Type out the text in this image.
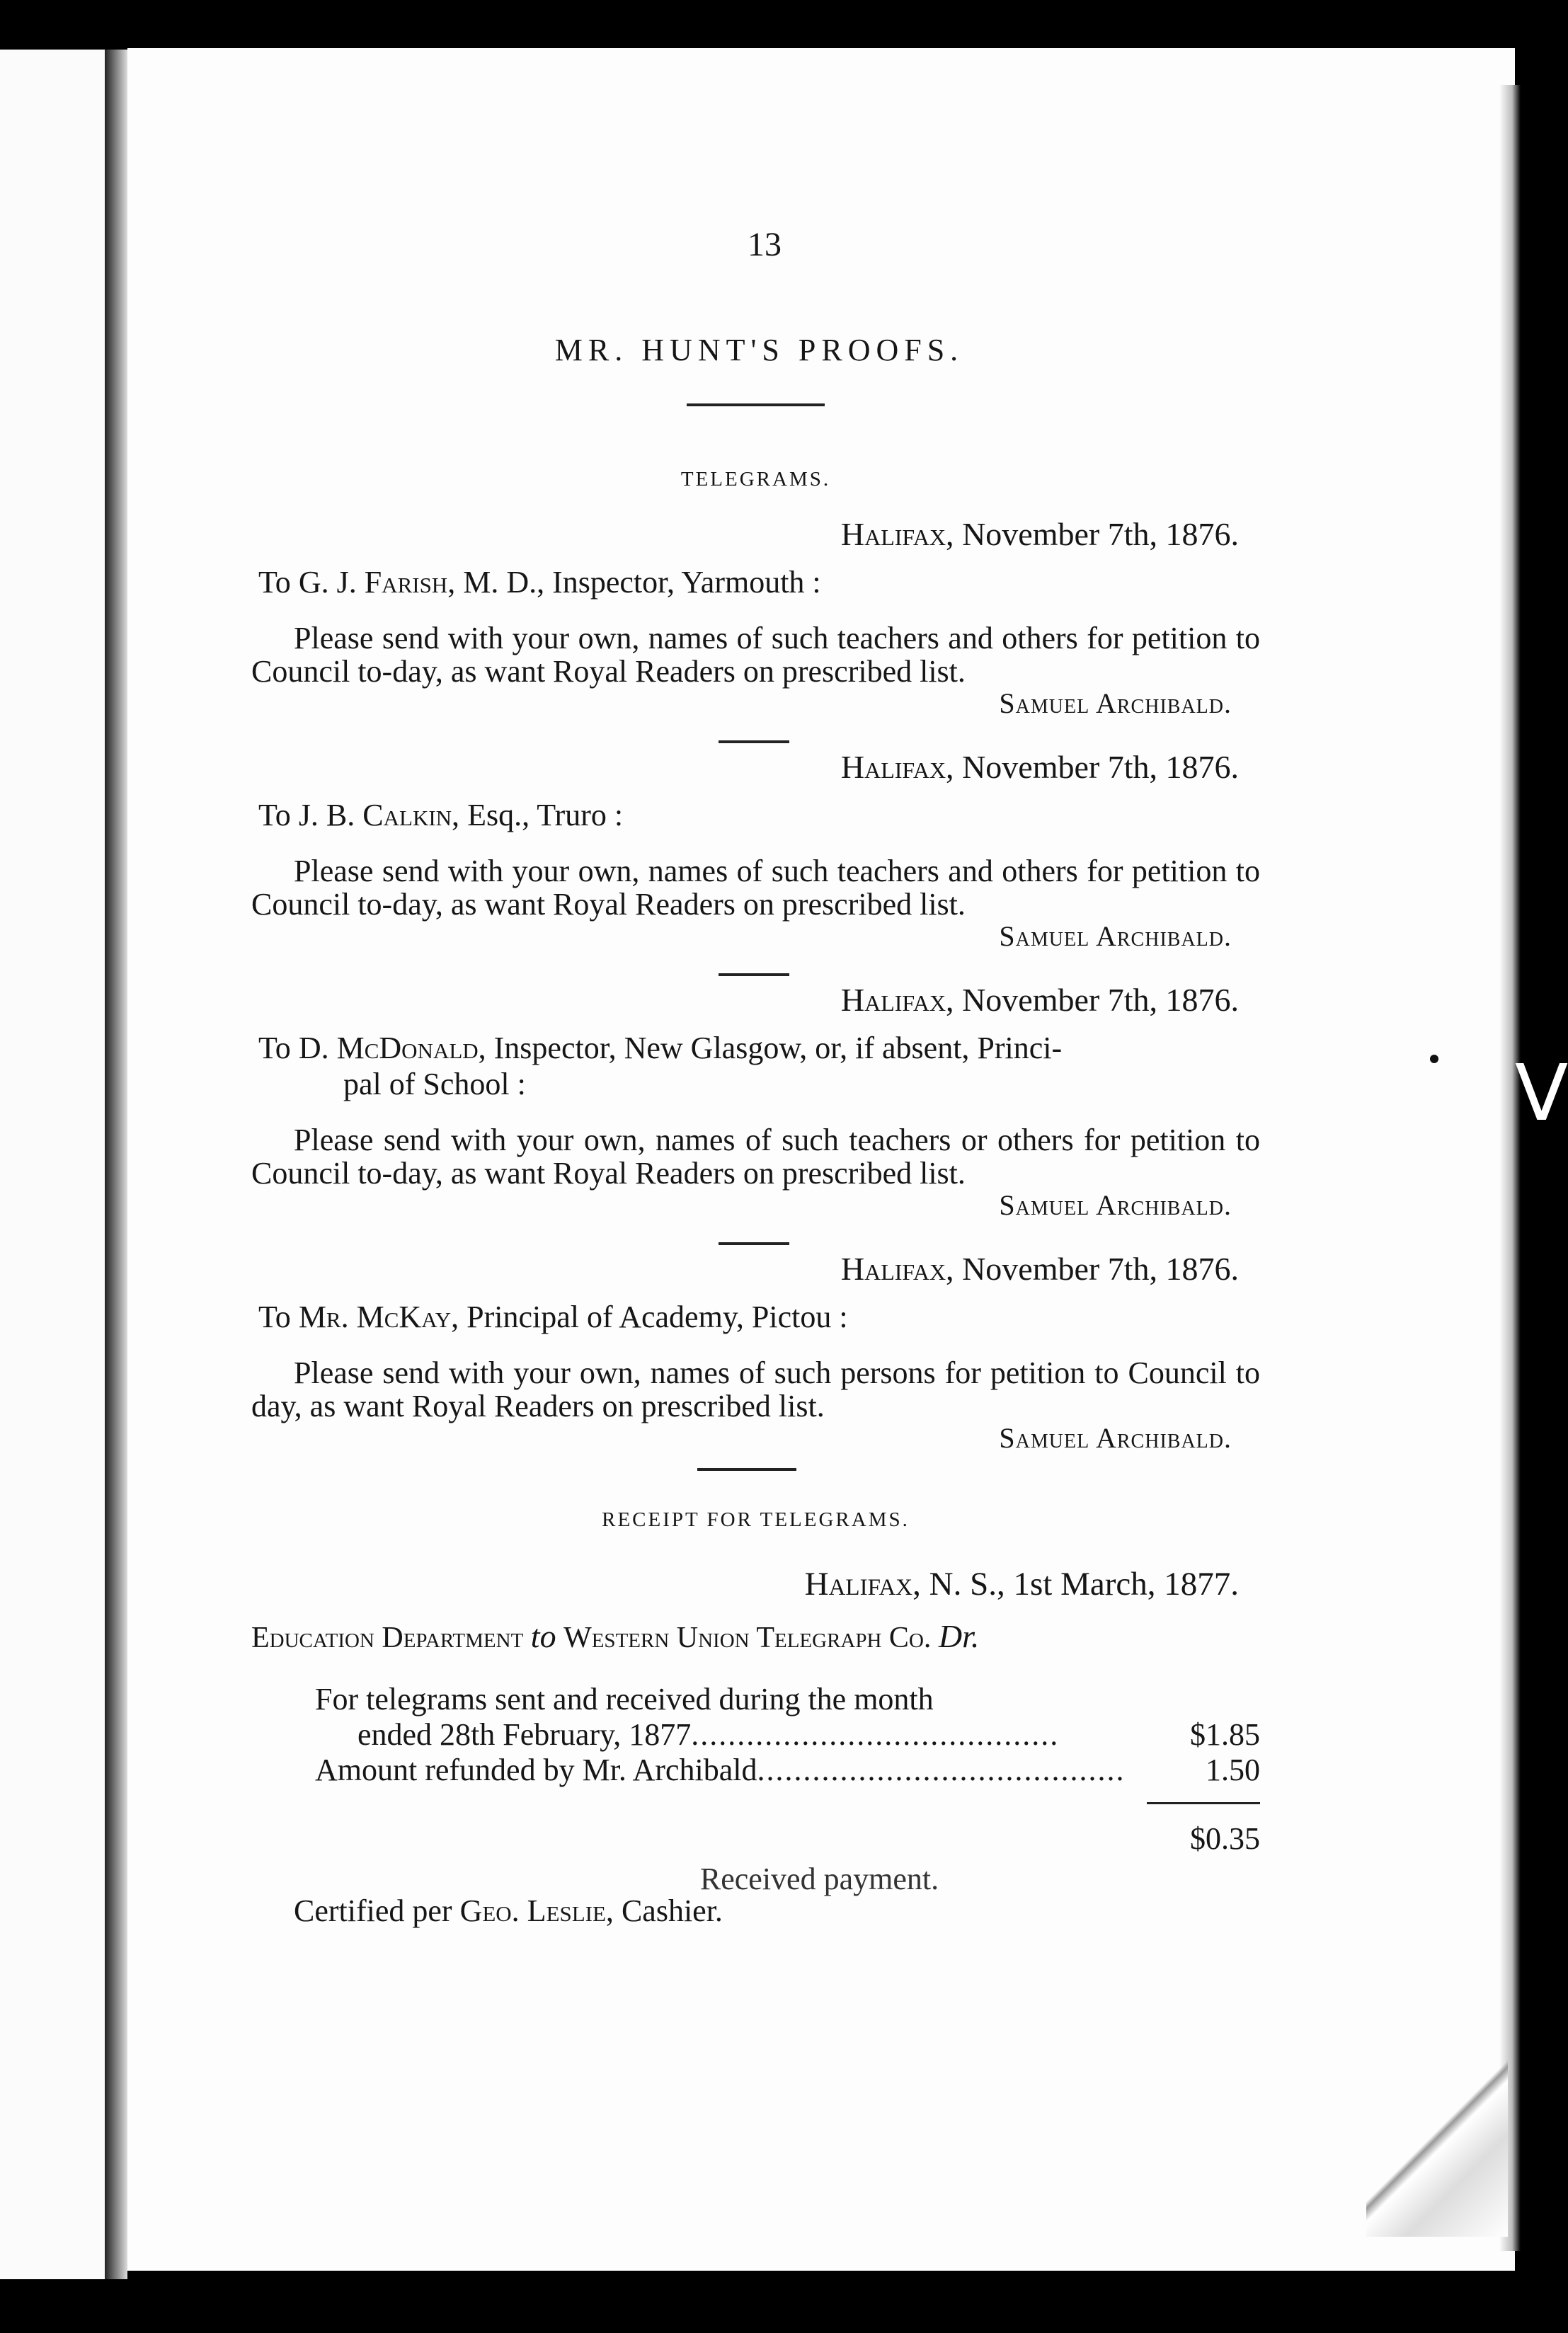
V
13
MR. HUNT'S PROOFS.
TELEGRAMS.
Halifax, November 7th, 1876.
To G. J. Farish, M. D., Inspector, Yarmouth :
Please send with your own, names of such teachers and others for petition to Council to-day, as want Royal Readers on prescribed list.
Samuel Archibald.
Halifax, November 7th, 1876.
To J. B. Calkin, Esq., Truro :
Please send with your own, names of such teachers and others for petition to Council to-day, as want Royal Readers on prescribed list.
Samuel Archibald.
Halifax, November 7th, 1876.
To D. McDonald, Inspector, New Glasgow, or, if absent, Princi-
pal of School :
Please send with your own, names of such teachers or others for petition to Council to-day, as want Royal Readers on prescribed list.
Samuel Archibald.
Halifax, November 7th, 1876.
To Mr. McKay, Principal of Academy, Pictou :
Please send with your own, names of such persons for petition to Council to day, as want Royal Readers on prescribed list.
Samuel Archibald.
RECEIPT FOR TELEGRAMS.
Halifax, N. S., 1st March, 1877.
Education Department to Western Union Telegraph Co. Dr.
For telegrams sent and received during the month
ended 28th February, 1877........................................	$1.85
Amount refunded by Mr. Archibald........................................	1.50
$0.35
Received payment.
Certified per Geo. Leslie, Cashier.
